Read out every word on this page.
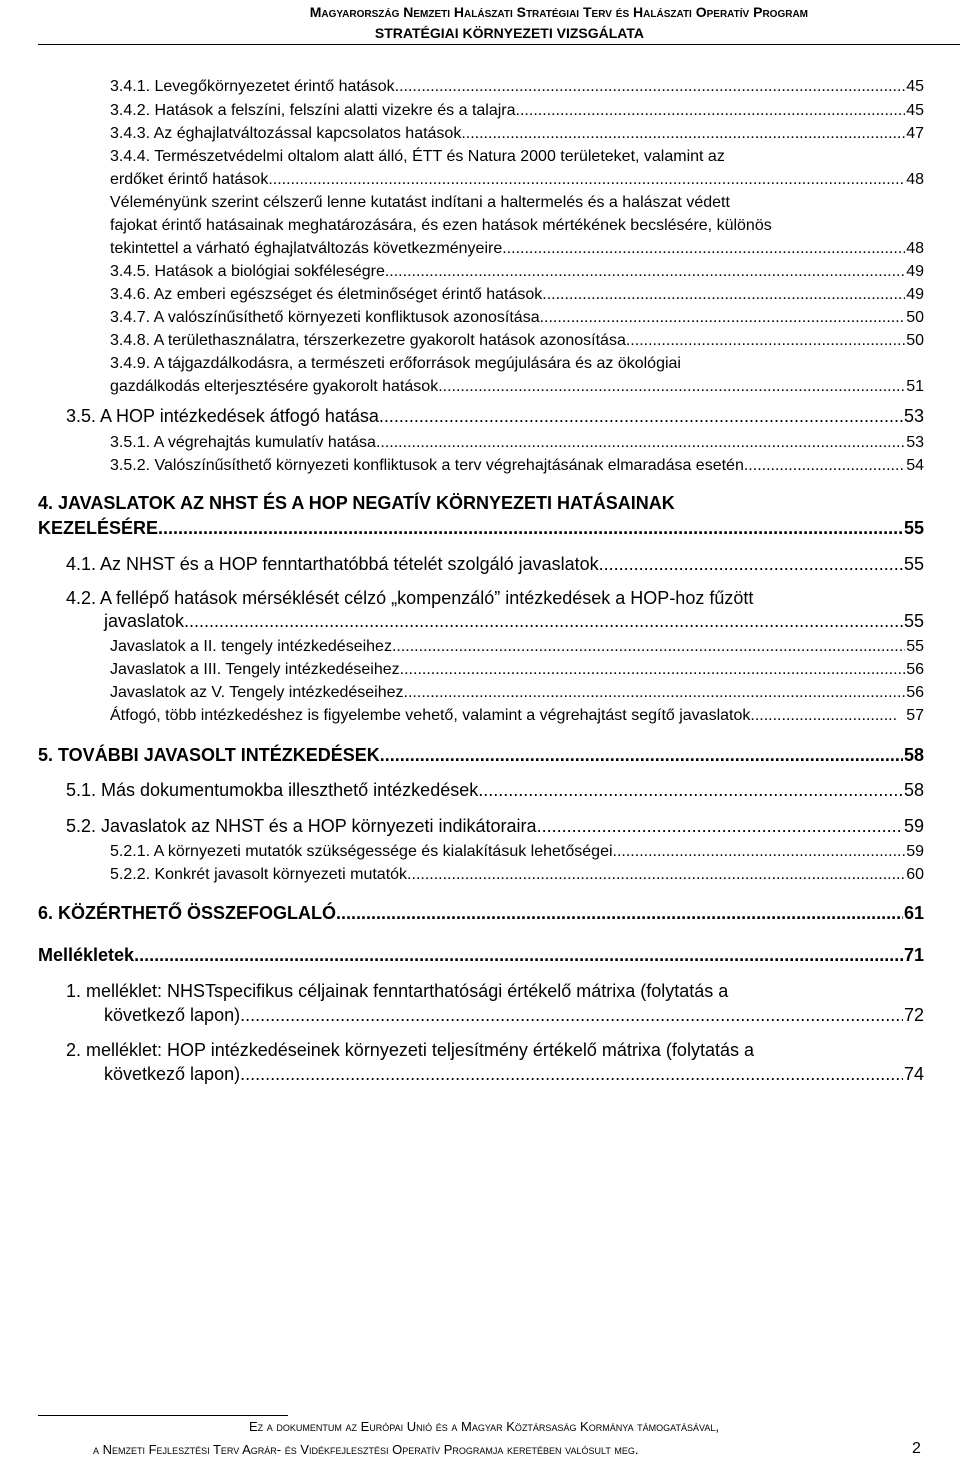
Magyarország Nemzeti Halászati Stratégiai Terv és Halászati Operatív Program
STRATÉGIAI KÖRNYEZETI VIZSGÁLATA
3.4.1. Levegőkörnyezetet érintő hatások .....	45
3.4.2. Hatások a felszíni, felszíni alatti vizekre és a talajra .....	45
3.4.3. Az éghajlatváltozással kapcsolatos hatások .....	47
3.4.4. Természetvédelmi oltalom alatt álló, ÉTT és Natura 2000 területeket, valamint az
erdőket érintő hatások .....	48
Véleményünk szerint célszerű lenne kutatást indítani a haltermelés és a halászat védett
fajokat érintő hatásainak meghatározására, és ezen hatások mértékének becslésére, különös
tekintettel a várható éghajlatváltozás következményeire. .....	48
3.4.5. Hatások a biológiai sokféleségre .....	49
3.4.6. Az emberi egészséget és életminőséget érintő hatások .....	49
3.4.7. A valószínűsíthető környezeti konfliktusok azonosítása .....	50
3.4.8. A területhasználatra, térszerkezetre gyakorolt hatások azonosítása .....	50
3.4.9. A tájgazdálkodásra, a természeti erőforrások megújulására és az ökológiai
gazdálkodás elterjesztésére gyakorolt hatások .....	51
3.5. A HOP intézkedések átfogó hatása .....	53
3.5.1. A végrehajtás kumulatív hatása .....	53
3.5.2. Valószínűsíthető környezeti konfliktusok a terv végrehajtásának elmaradása esetén. .....	54
4. JAVASLATOK AZ NHST ÉS A HOP NEGATÍV KÖRNYEZETI HATÁSAINAK
KEZELÉSÉRE .....	55
4.1. Az NHST és a HOP fenntarthatóbbá tételét szolgáló javaslatok .....	55
4.2. A fellépő hatások mérséklését célzó „kompenzáló” intézkedések a HOP-hoz fűzött
javaslatok .....	55
Javaslatok a II. tengely intézkedéseihez .....	55
Javaslatok a III. Tengely intézkedéseihez .....	56
Javaslatok az V. Tengely intézkedéseihez .....	56
Átfogó, több intézkedéshez is figyelembe vehető, valamint a végrehajtást segítő javaslatok .....	57
5. TOVÁBBI JAVASOLT INTÉZKEDÉSEK .....	58
5.1. Más dokumentumokba illeszthető intézkedések .....	58
5.2. Javaslatok az NHST és a HOP környezeti indikátoraira .....	59
5.2.1. A környezeti mutatók szükségessége és kialakításuk lehetőségei .....	59
5.2.2. Konkrét javasolt környezeti mutatók .....	60
6. KÖZÉRTHETŐ ÖSSZEFOGLALÓ .....	61
Mellékletek .....	71
1. melléklet: NHSTspecifikus céljainak fenntarthatósági értékelő mátrixa (folytatás a
következő lapon) .....	72
2. melléklet: HOP intézkedéseinek környezeti teljesítmény értékelő mátrixa (folytatás a
következő lapon) .....	74
Ez a dokumentum az Európai Unió és a Magyar Köztársaság Kormánya támogatásával,
a Nemzeti Fejlesztési Terv Agrár- és Vidékfejlesztési Operatív Programja keretében valósult meg.	2
